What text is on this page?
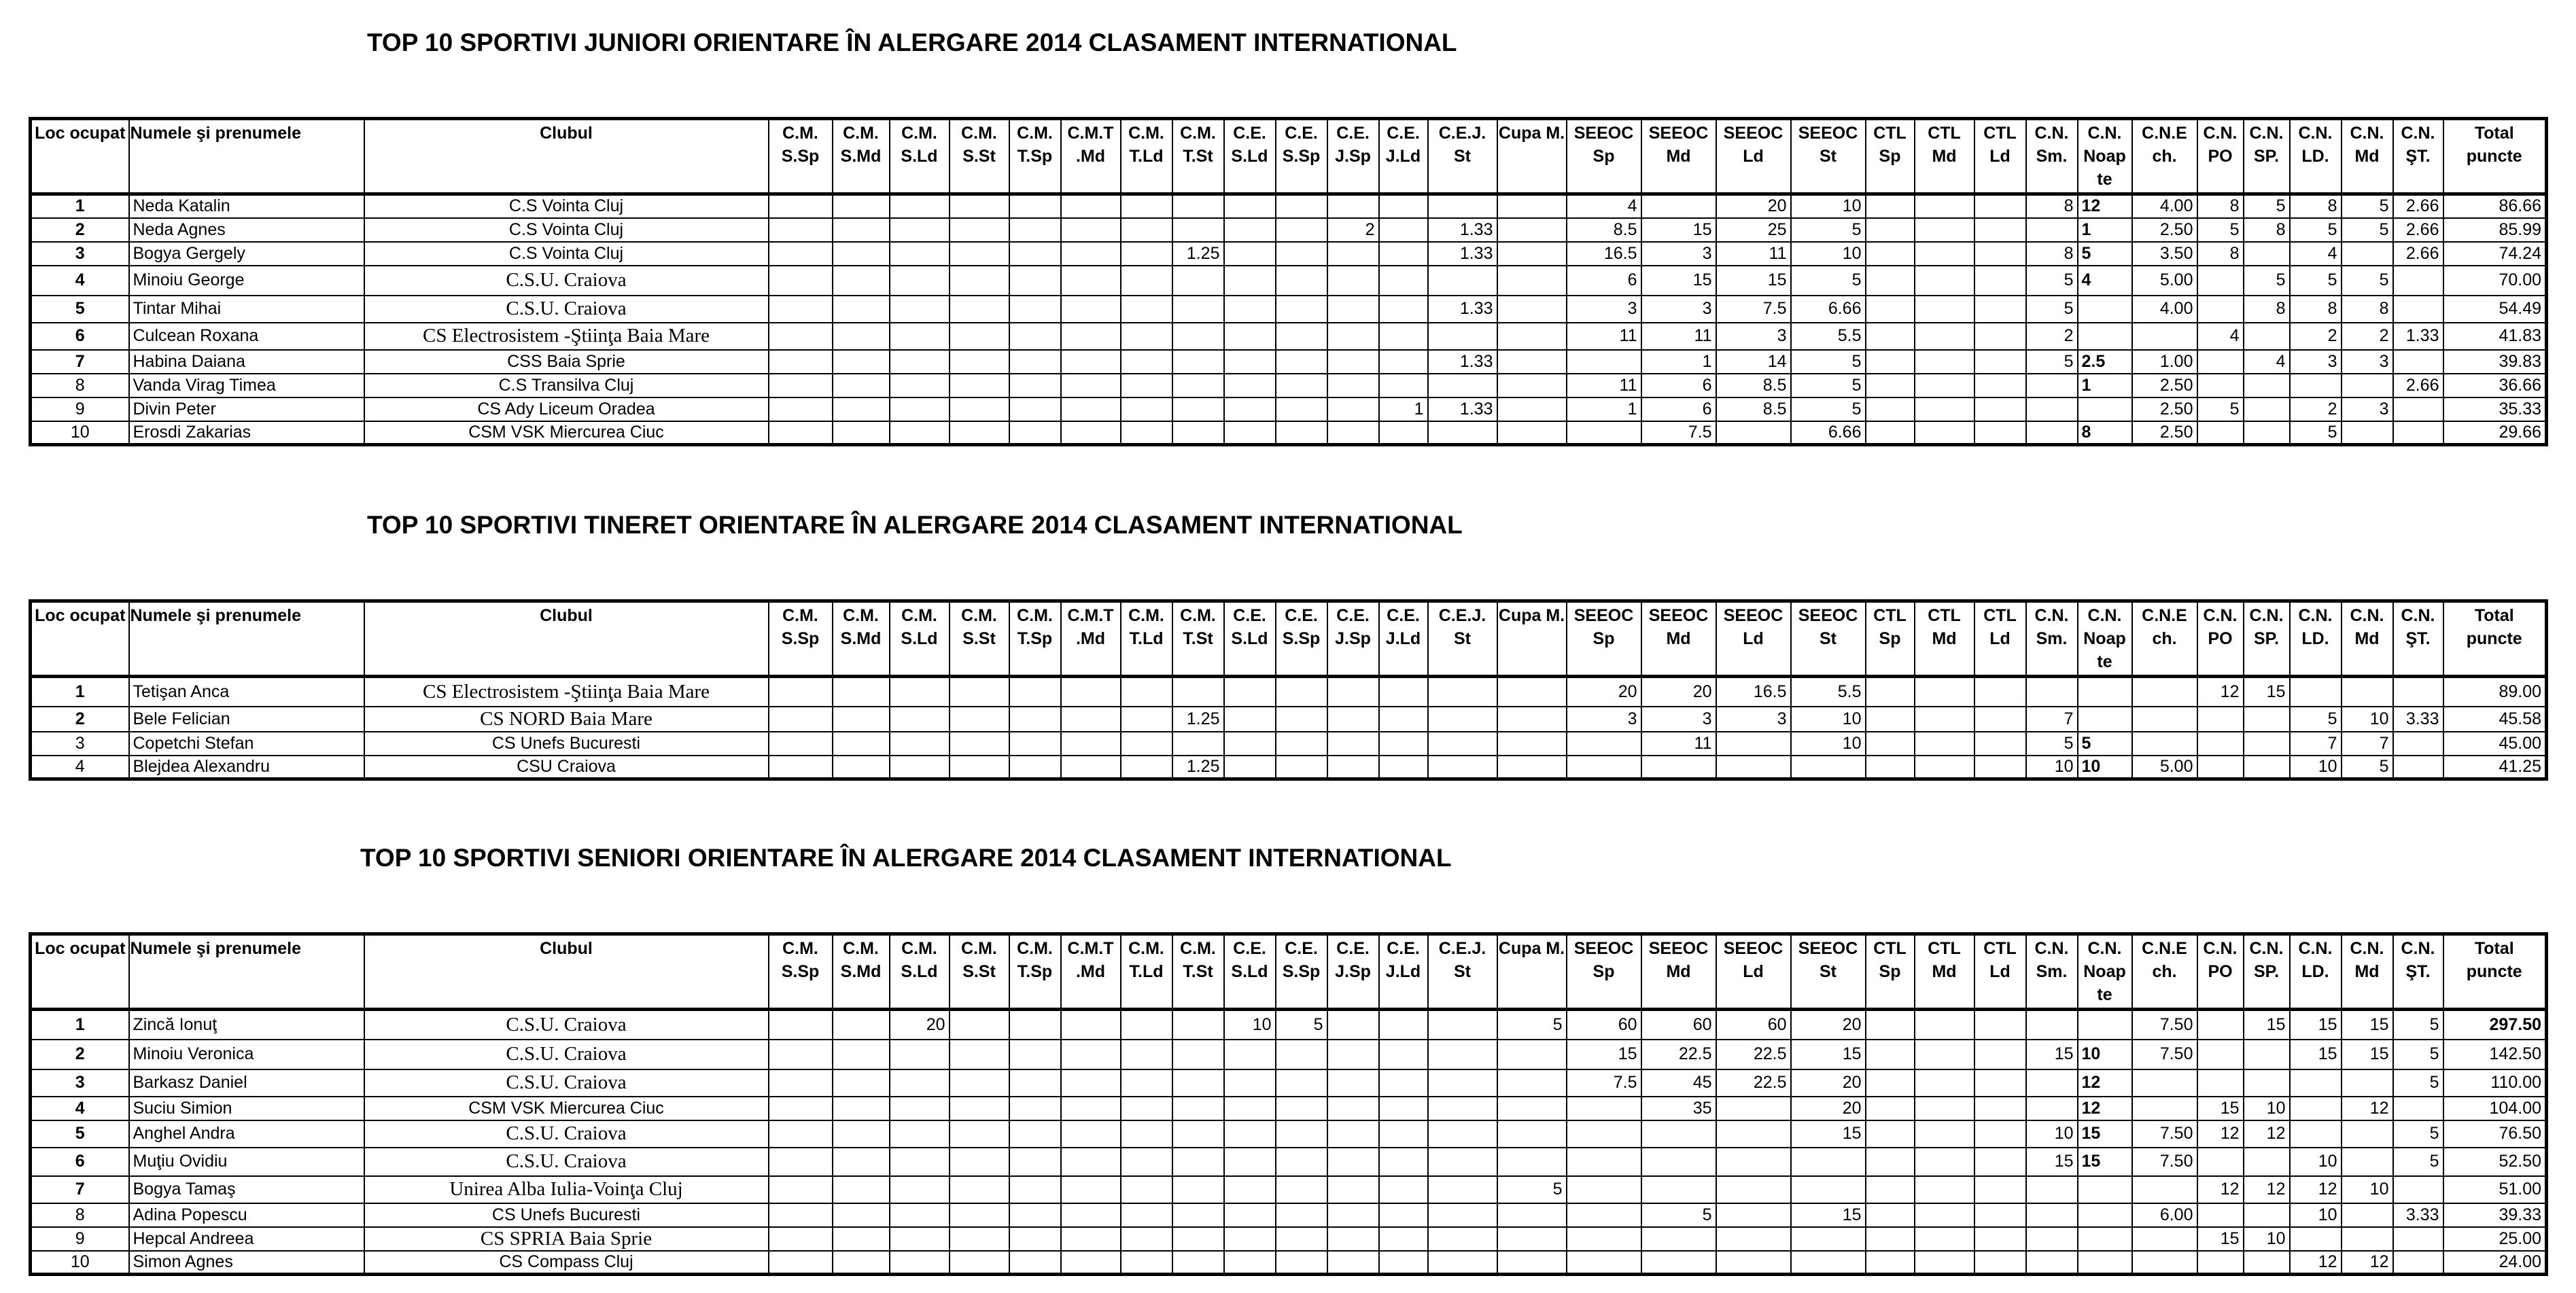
TOP 10 SPORTIVI JUNIORI ORIENTARE ÎN ALERGARE 2014 CLASAMENT INTERNATIONAL
Loc ocupat	Numele şi prenumele	Clubul	C.M. S.Sp	C.M. S.Md	C.M. S.Ld	C.M. S.St	C.M. T.Sp	C.M.T .Md	C.M. T.Ld	C.M. T.St	C.E. S.Ld	C.E. S.Sp	C.E. J.Sp	C.E. J.Ld	C.E.J. St	Cupa M.	SEEOC Sp	SEEOC Md	SEEOC Ld	SEEOC St	CTL Sp	CTL Md	CTL Ld	C.N. Sm.	C.N. Noap te	C.N.E ch.	C.N. PO	C.N. SP.	C.N. LD.	C.N. Md	C.N. ŞT.	Total puncte
1	Neda Katalin	C.S Vointa Cluj															4		20	10				8	12	4.00	8	5	8	5	2.66	86.66
2	Neda Agnes	C.S Vointa Cluj											2		1.33		8.5	15	25	5					1	2.50	5	8	5	5	2.66	85.99
3	Bogya Gergely	C.S Vointa Cluj								1.25					1.33		16.5	3	11	10				8	5	3.50	8		4		2.66	74.24
4	Minoiu George	C.S.U. Craiova															6	15	15	5				5	4	5.00		5	5	5		70.00
5	Tintar Mihai	C.S.U. Craiova													1.33		3	3	7.5	6.66				5		4.00		8	8	8		54.49
6	Culcean Roxana	CS Electrosistem -Ştiinţa Baia Mare															11	11	3	5.5				2			4		2	2	1.33	41.83
7	Habina Daiana	CSS Baia Sprie													1.33			1	14	5				5	2.5	1.00		4	3	3		39.83
8	Vanda Virag Timea	C.S Transilva Cluj															11	6	8.5	5					1	2.50					2.66	36.66
9	Divin Peter	CS Ady Liceum Oradea												1	1.33		1	6	8.5	5						2.50	5		2	3		35.33
10	Erosdi Zakarias	CSM VSK Miercurea Ciuc																7.5		6.66					8	2.50			5			29.66
TOP 10 SPORTIVI TINERET ORIENTARE ÎN ALERGARE 2014 CLASAMENT INTERNATIONAL
Loc ocupat	Numele şi prenumele	Clubul	C.M. S.Sp	C.M. S.Md	C.M. S.Ld	C.M. S.St	C.M. T.Sp	C.M.T .Md	C.M. T.Ld	C.M. T.St	C.E. S.Ld	C.E. S.Sp	C.E. J.Sp	C.E. J.Ld	C.E.J. St	Cupa M.	SEEOC Sp	SEEOC Md	SEEOC Ld	SEEOC St	CTL Sp	CTL Md	CTL Ld	C.N. Sm.	C.N. Noap te	C.N.E ch.	C.N. PO	C.N. SP.	C.N. LD.	C.N. Md	C.N. ŞT.	Total puncte
1	Tetişan Anca	CS Electrosistem -Ştiinţa Baia Mare															20	20	16.5	5.5							12	15				89.00
2	Bele Felician	CS NORD Baia Mare								1.25							3	3	3	10				7					5	10	3.33	45.58
3	Copetchi Stefan	CS Unefs Bucuresti																11		10				5	5				7	7		45.00
4	Blejdea Alexandru	CSU Craiova								1.25														10	10	5.00			10	5		41.25
TOP 10 SPORTIVI SENIORI ORIENTARE ÎN ALERGARE 2014 CLASAMENT INTERNATIONAL
Loc ocupat	Numele şi prenumele	Clubul	C.M. S.Sp	C.M. S.Md	C.M. S.Ld	C.M. S.St	C.M. T.Sp	C.M.T .Md	C.M. T.Ld	C.M. T.St	C.E. S.Ld	C.E. S.Sp	C.E. J.Sp	C.E. J.Ld	C.E.J. St	Cupa M.	SEEOC Sp	SEEOC Md	SEEOC Ld	SEEOC St	CTL Sp	CTL Md	CTL Ld	C.N. Sm.	C.N. Noap te	C.N.E ch.	C.N. PO	C.N. SP.	C.N. LD.	C.N. Md	C.N. ŞT.	Total puncte
1	Zincă Ionuţ	C.S.U. Craiova			20						10	5				5	60	60	60	20						7.50		15	15	15	5	297.50
2	Minoiu Veronica	C.S.U. Craiova															15	22.5	22.5	15				15	10	7.50			15	15	5	142.50
3	Barkasz Daniel	C.S.U. Craiova															7.5	45	22.5	20					12						5	110.00
4	Suciu Simion	CSM VSK Miercurea Ciuc																35		20					12		15	10		12		104.00
5	Anghel Andra	C.S.U. Craiova																		15				10	15	7.50	12	12			5	76.50
6	Muţiu Ovidiu	C.S.U. Craiova																						15	15	7.50			10		5	52.50
7	Bogya Tamaş	Unirea Alba Iulia-Voinţa Cluj														5											12	12	12	10		51.00
8	Adina Popescu	CS Unefs Bucuresti																5		15						6.00			10		3.33	39.33
9	Hepcal Andreea	CS SPRIA Baia Sprie																									15	10				25.00
10	Simon Agnes	CS Compass Cluj																											12	12		24.00
